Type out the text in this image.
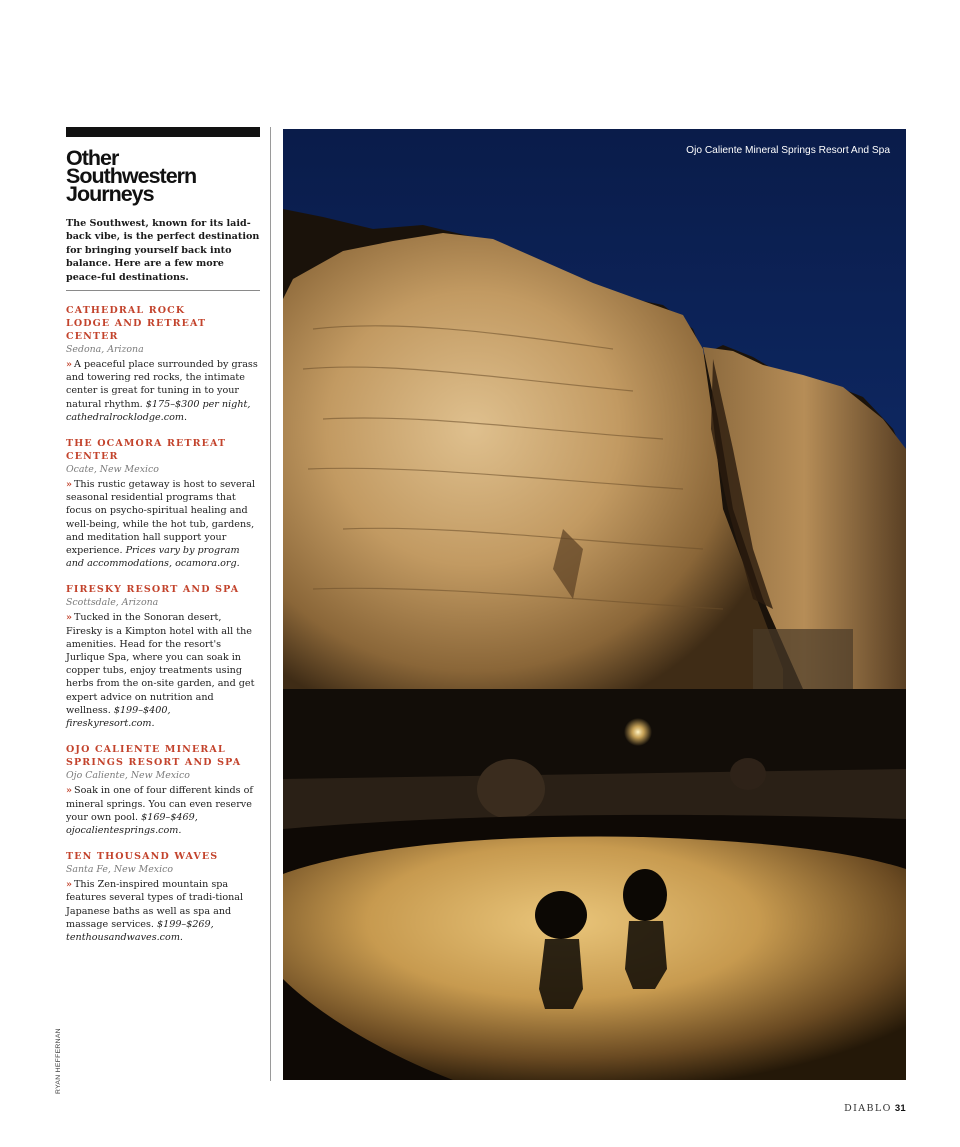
Other
Southwestern
Journeys
The Southwest, known for its laid-back vibe, is the perfect destination for bringing yourself back into balance. Here are a few more peace-ful destinations.
CATHEDRAL ROCK
LODGE AND RETREAT CENTER
Sedona, Arizona
» A peaceful place surrounded by grass and towering red rocks, the intimate center is great for tuning in to your natural rhythm. $175–$300 per night, cathedralrocklodge.com.
THE OCAMORA RETREAT
CENTER
Ocate, New Mexico
» This rustic getaway is host to several seasonal residential programs that focus on psycho-spiritual healing and well-being, while the hot tub, gardens, and meditation hall support your experience. Prices vary by program and accommodations, ocamora.org.
FIRESKY RESORT AND SPA
Scottsdale, Arizona
» Tucked in the Sonoran desert, Firesky is a Kimpton hotel with all the amenities. Head for the resort's Jurlique Spa, where you can soak in copper tubs, enjoy treatments using herbs from the on-site garden, and get expert advice on nutrition and wellness. $199–$400, fireskyresort.com.
OJO CALIENTE MINERAL
SPRINGS RESORT AND SPA
Ojo Caliente, New Mexico
» Soak in one of four different kinds of mineral springs. You can even reserve your own pool. $169–$469, ojocalientesprings.com.
TEN THOUSAND WAVES
Santa Fe, New Mexico
» This Zen-inspired mountain spa features several types of tradi-tional Japanese baths as well as spa and massage services. $199–$269, tenthousandwaves.com.
RYAN HEFFERNAN
Ojo Caliente Mineral Springs Resort And Spa
DIABLO 31
